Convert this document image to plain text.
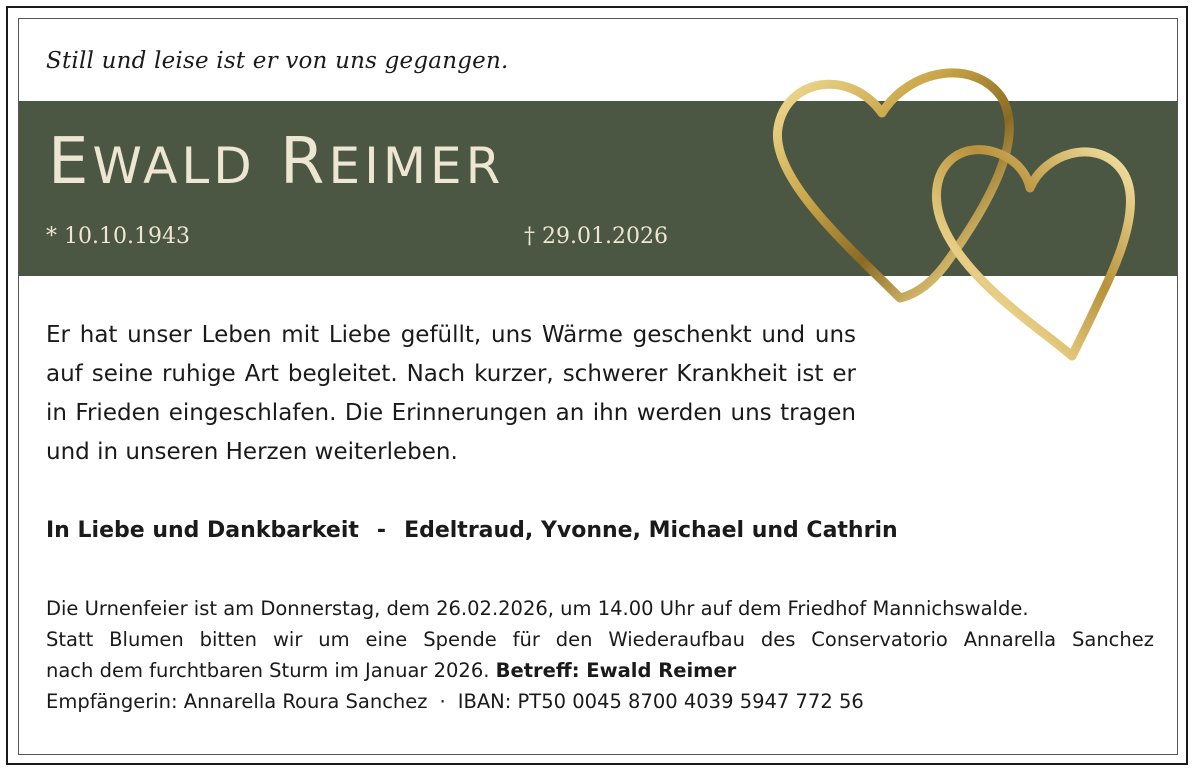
Still und leise ist er von uns gegangen.
EWALD REIMER
* 10.10.1943	† 29.01.2026

Er hat unser Leben mit Liebe gefüllt, uns Wärme geschenkt und uns auf seine ruhige Art begleitet. Nach kurzer, schwerer Krankheit ist er in Frieden eingeschlafen. Die Erinnerungen an ihn werden uns tragen und in unseren Herzen weiterleben.

In Liebe und Dankbarkeit - Edeltraud, Yvonne, Michael und Cathrin
Die Urnenfeier ist am Donnerstag, dem 26.02.2026, um 14.00 Uhr auf dem Friedhof Mannichswalde.
Statt Blumen bitten wir um eine Spende für den Wiederaufbau des Conservatorio Annarella Sanchez
nach dem furchtbaren Sturm im Januar 2026. Betreff: Ewald Reimer
Empfängerin: Annarella Roura Sanchez · IBAN: PT50 0045 8700 4039 5947 772 56
